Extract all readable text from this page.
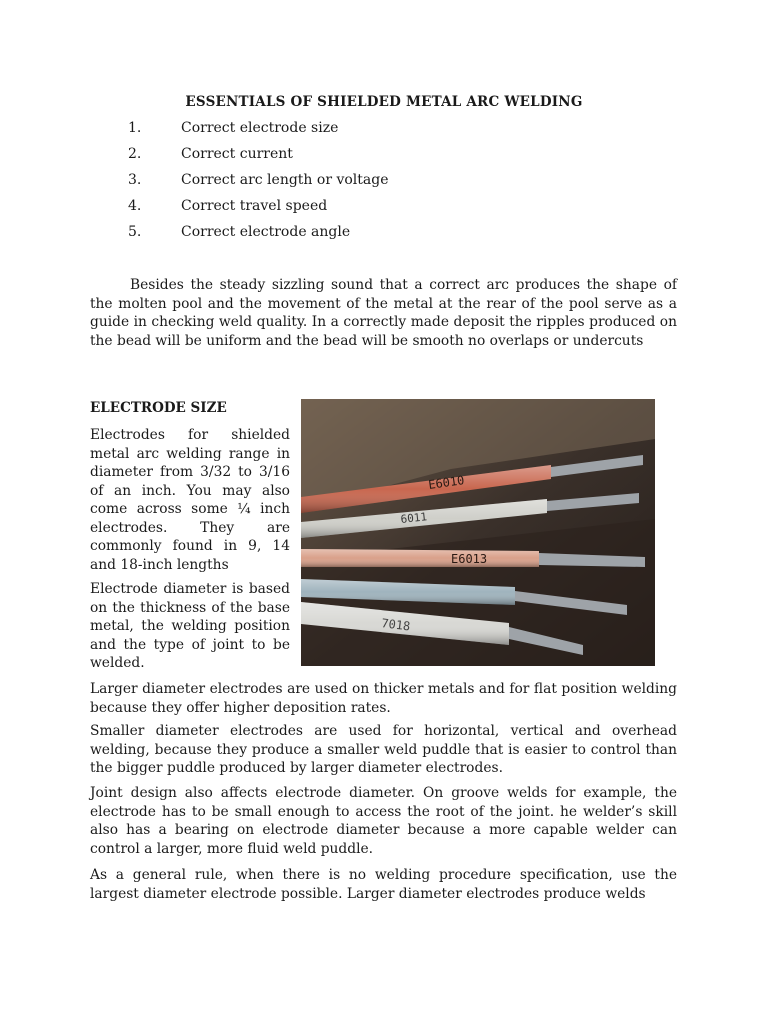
ESSENTIALS OF SHIELDED METAL ARC WELDING
1.	Correct electrode size
2.	Correct current
3.	Correct arc length or voltage
4.	Correct travel speed
5.	Correct electrode angle

Besides the steady sizzling sound that a correct arc produces the shape of the molten pool and the movement of the metal at the rear of the pool serve as a guide in checking weld quality. In a correctly made deposit the ripples produced on the bead will be uniform and the bead will be smooth no overlaps or undercuts

ELECTRODE SIZE

Electrodes for shielded metal arc welding range in diameter from 3/32 to 3/16 of an inch. You may also come across some ¼ inch electrodes. They are commonly found in 9, 14 and 18-inch lengths

Electrode diameter is based on the thickness of the base metal, the welding position and the type of joint to be welded.

E6010
6011
E6013
7018

Larger diameter electrodes are used on thicker metals and for flat position welding because they offer higher deposition rates.

Smaller diameter electrodes are used for horizontal, vertical and overhead welding, because they produce a smaller weld puddle that is easier to control than the bigger puddle produced by larger diameter electrodes.

Joint design also affects electrode diameter. On groove welds for example, the electrode has to be small enough to access the root of the joint. he welder’s skill also has a bearing on electrode diameter because a more capable welder can control a larger, more fluid weld puddle.

As a general rule, when there is no welding procedure specification, use the largest diameter electrode possible. Larger diameter electrodes produce welds
